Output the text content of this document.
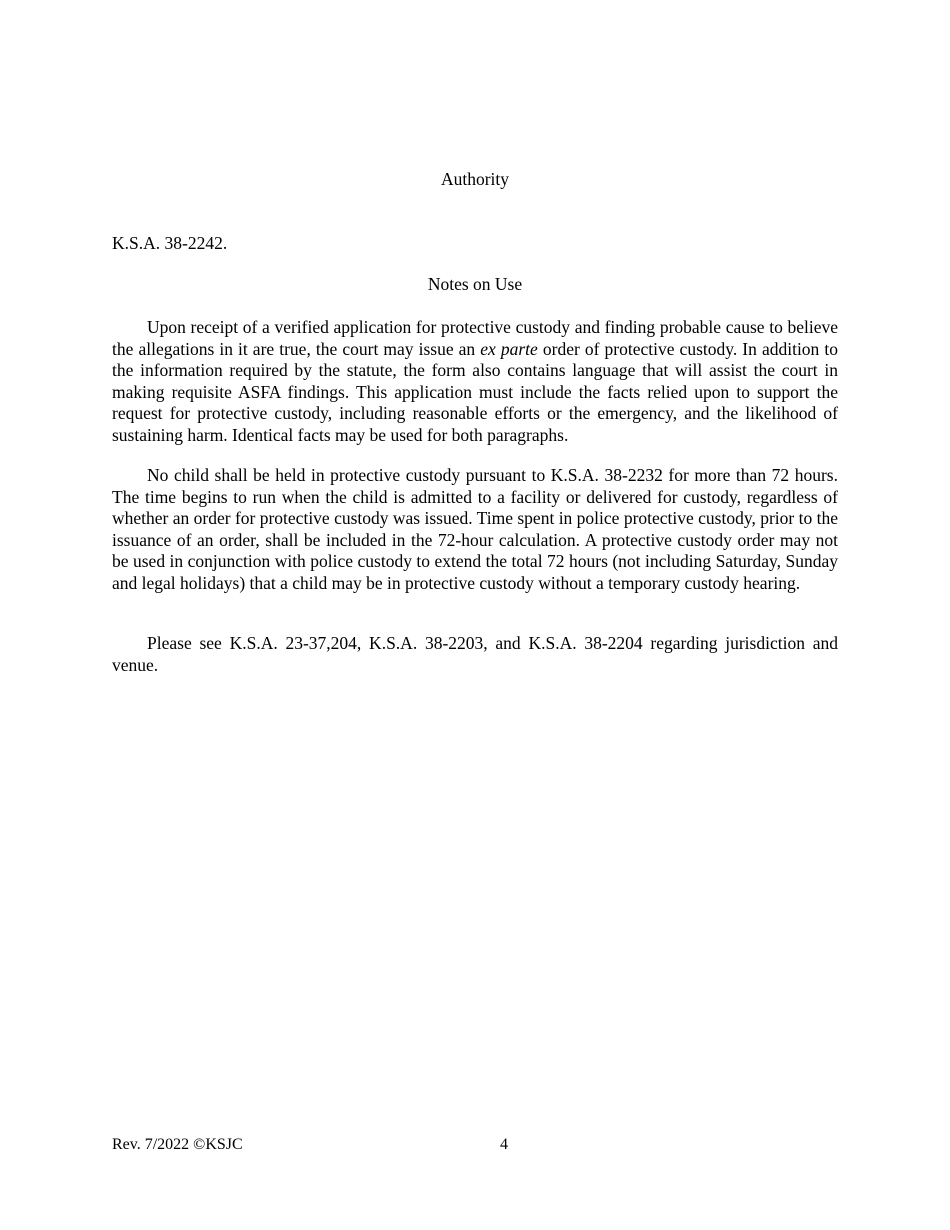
Authority
K.S.A. 38-2242.
Notes on Use

Upon receipt of a verified application for protective custody and finding probable cause to believe the allegations in it are true, the court may issue an ex parte order of protective custody. In addition to the information required by the statute, the form also contains language that will assist the court in making requisite ASFA findings. This application must include the facts relied upon to support the request for protective custody, including reasonable efforts or the emergency, and the likelihood of sustaining harm. Identical facts may be used for both paragraphs.

No child shall be held in protective custody pursuant to K.S.A. 38-2232 for more than 72 hours. The time begins to run when the child is admitted to a facility or delivered for custody, regardless of whether an order for protective custody was issued. Time spent in police protective custody, prior to the issuance of an order, shall be included in the 72-hour calculation. A protective custody order may not be used in conjunction with police custody to extend the total 72 hours (not including Saturday, Sunday and legal holidays) that a child may be in protective custody without a temporary custody hearing.

Please see K.S.A. 23-37,204, K.S.A. 38-2203, and K.S.A. 38-2204 regarding jurisdiction and venue.

Rev. 7/2022 ©KSJC	4
